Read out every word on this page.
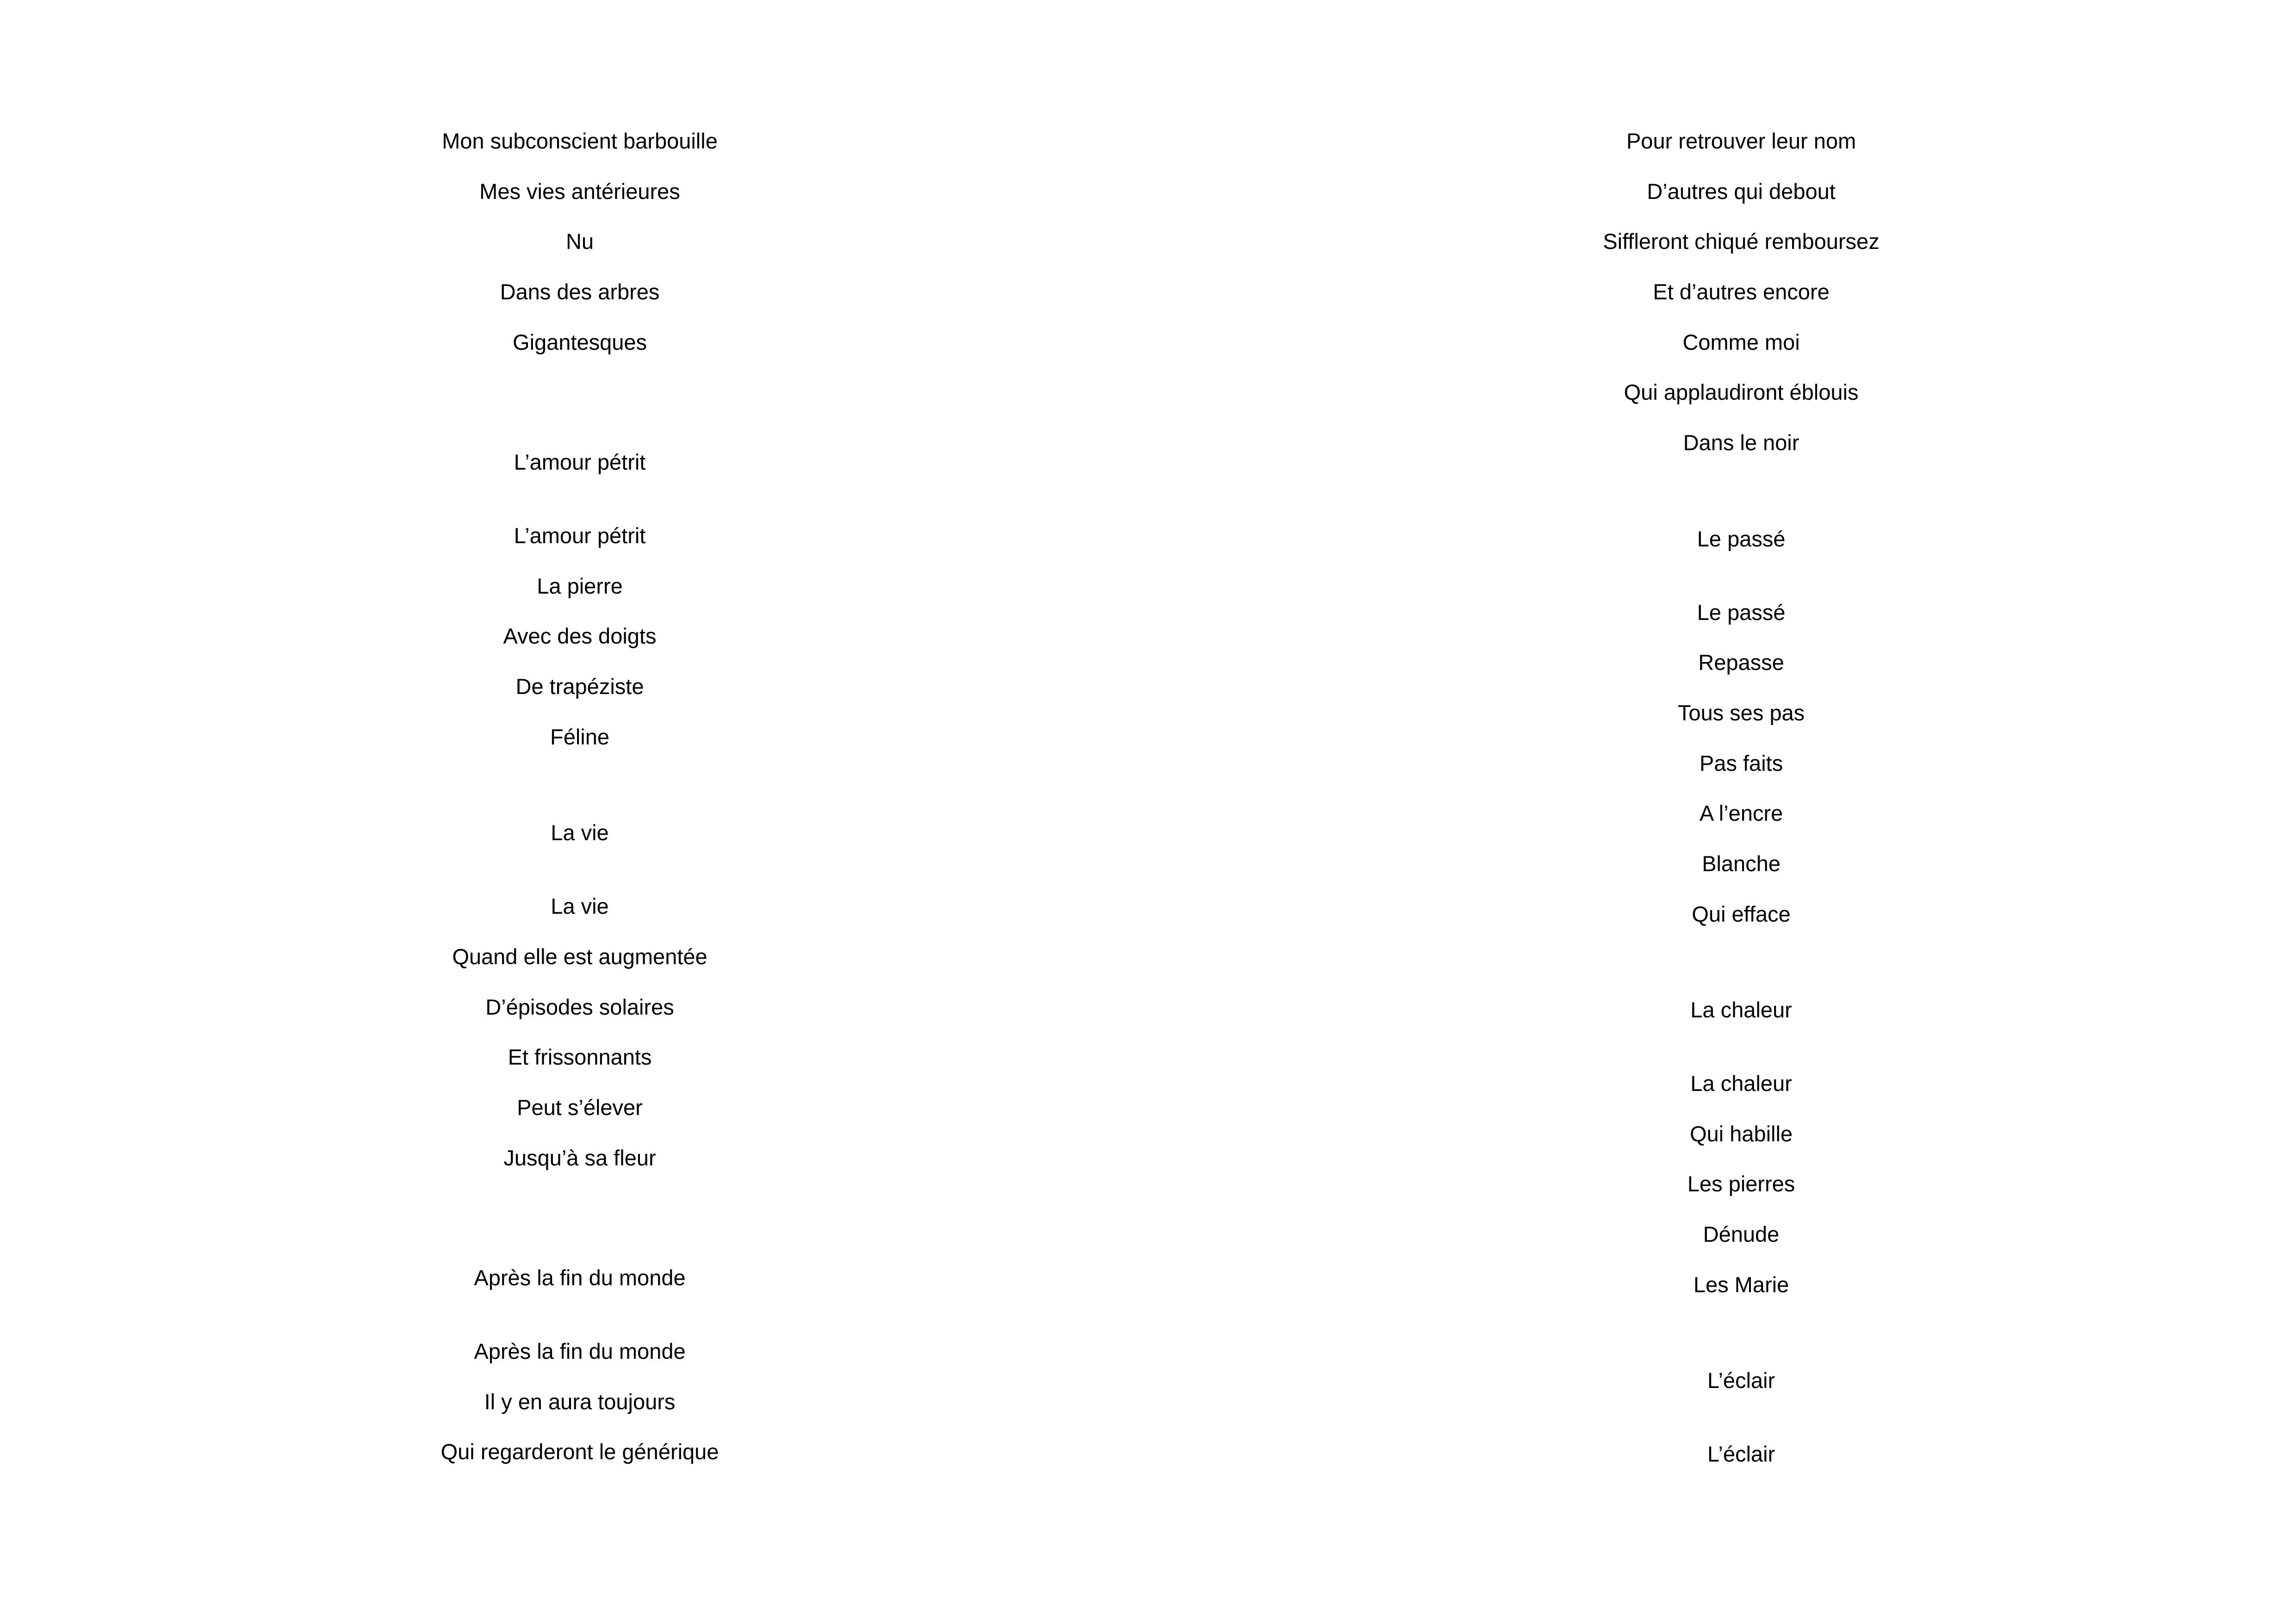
Mon subconscient barbouille
Mes vies antérieures
Nu
Dans des arbres
Gigantesques
L’amour pétrit
L’amour pétrit
La pierre
Avec des doigts
De trapéziste
Féline
La vie
La vie
Quand elle est augmentée
D’épisodes solaires
Et frissonnants
Peut s’élever
Jusqu’à sa fleur
Après la fin du monde
Après la fin du monde
Il y en aura toujours
Qui regarderont le générique
Pour retrouver leur nom
D’autres qui debout
Siffleront chiqué remboursez
Et d’autres encore
Comme moi
Qui applaudiront éblouis
Dans le noir
Le passé
Le passé
Repasse
Tous ses pas
Pas faits
A l’encre
Blanche
Qui efface
La chaleur
La chaleur
Qui habille
Les pierres
Dénude
Les Marie
L’éclair
L’éclair
